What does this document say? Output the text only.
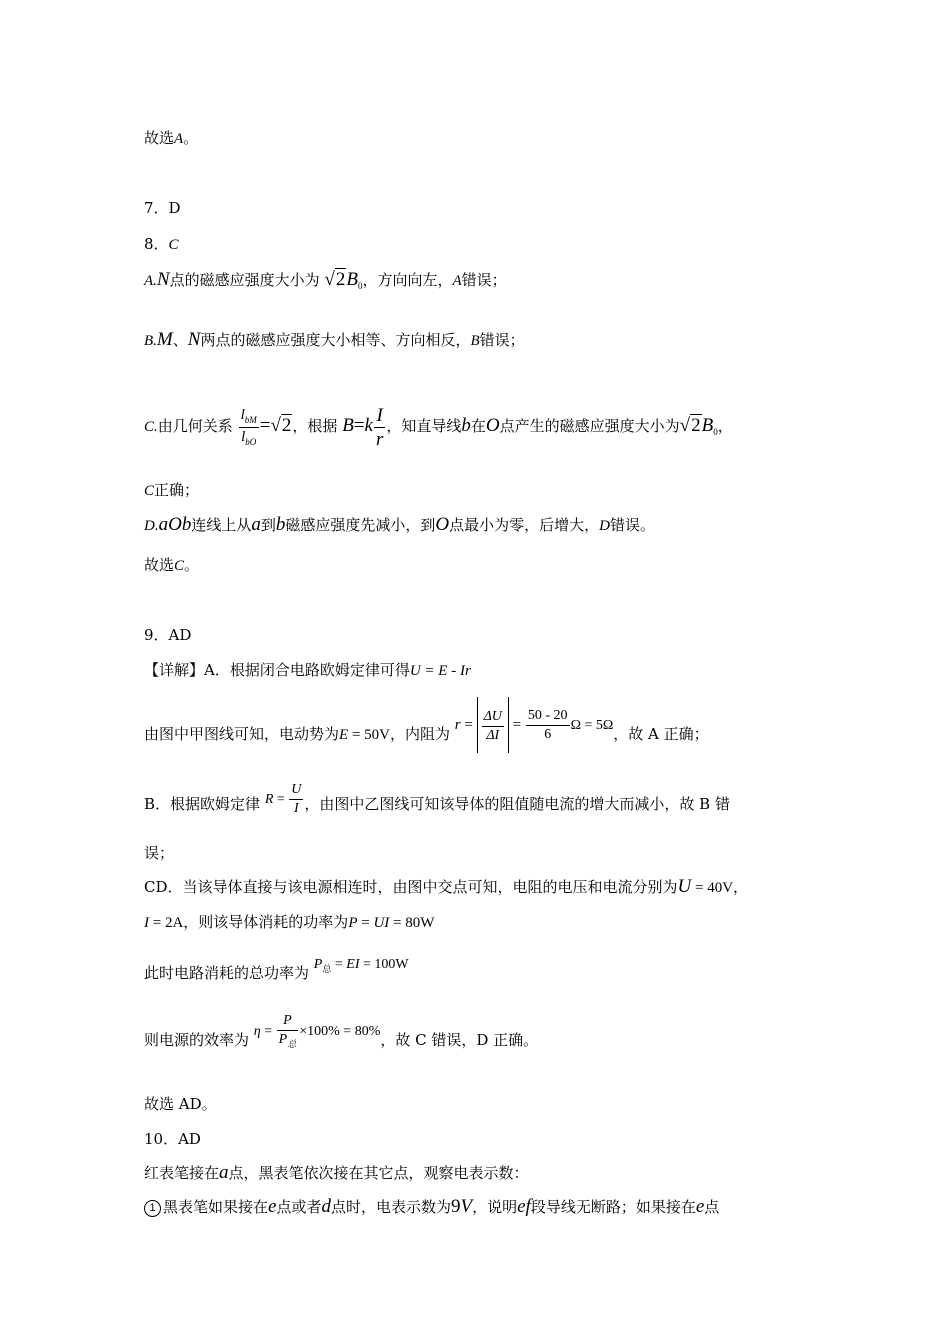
故选A。
7．D
8．C
A.N点的磁感应强度大小为 $√2B_0$，方向向左，A错误；
B.M、N两点的磁感应强度大小相等、方向相反，B错误；
C.由几何关系 $\frac{l_{bM}}{l_{bO}} =√2$，根据 $B=k \frac{I}{r}$ ，知直导线b在O点产生的磁感应强度大小为$√2B_0$，
C正确；
D.aOb连线上从a到b磁感应强度先减小，到O点最小为零，后增大，D错误。
故选C。
9．AD
【详解】A．根据闭合电路欧姆定律可得U = E - Ir
由图中甲图线可知，电动势为E = 50V，内阻为 $r = \frac{\Delta U}{\Delta I} = \frac{50 - 20}{6}$ Ω = 5Ω，故 A 正确；
B．根据欧姆定律 $R = \frac{U}{I}$ ，由图中乙图线可知该导体的阻值随电流的增大而减小，故 B 错
误；
CD．当该导体直接与该电源相连时，由图中交点可知，电阻的电压和电流分别为U = 40V，
I = 2A，则该导体消耗的功率为P = UI = 80W
此时电路消耗的总功率为 $P_总$ = EI = 100W
则电源的效率为 $\eta = \frac{P}{P_总} \times 100\% = 80\%$，故 C 错误，D 正确。
故选 AD。
10．AD
红表笔接在a点，黑表笔依次接在其它点，观察电表示数：
1 黑表笔如果接在e点或者d点时，电表示数为9V，说明ef段导线无断路；如果接在e点
